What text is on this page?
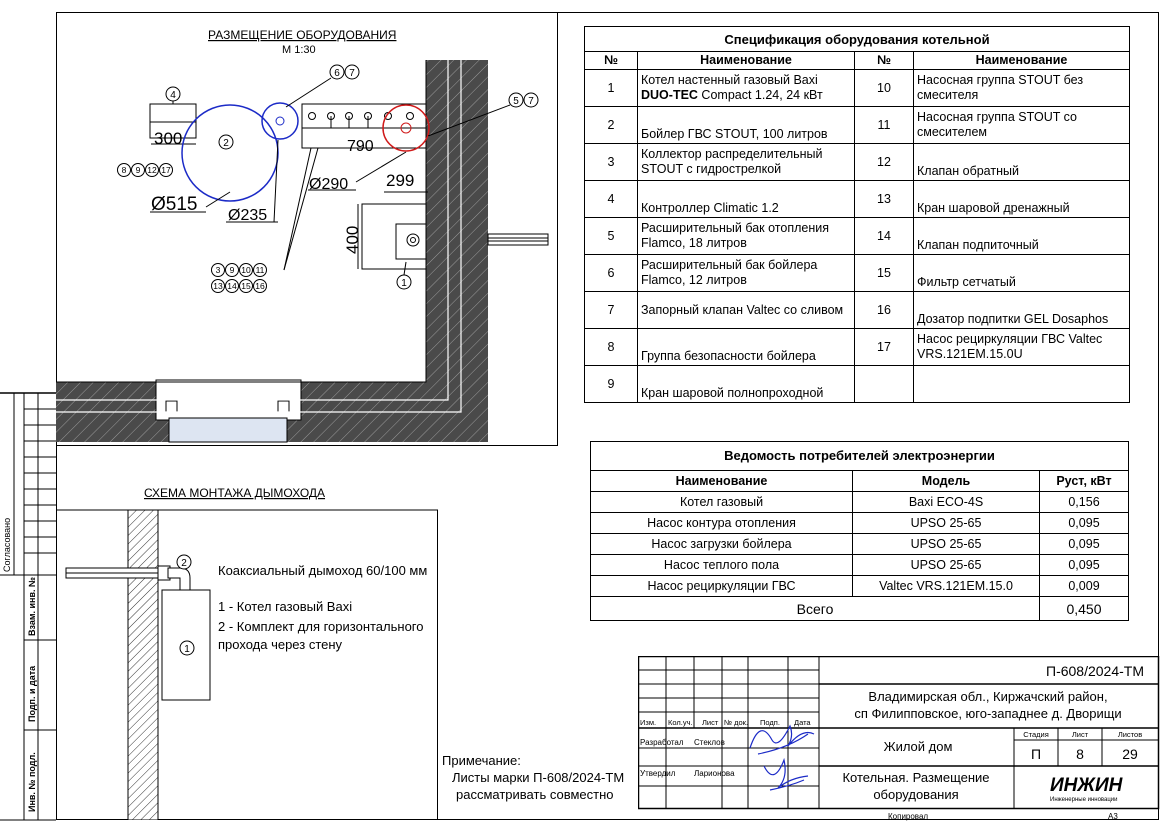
Согласовано
Взам. инв. №
Подп. и дата
Инв. № подл.
РАЗМЕЩЕНИЕ ОБОРУДОВАНИЯ
М 1:30
4
300	2
Ø515
Ø235
6 7
790
5 7
Ø290 299
400
1
8 9 12 17
3 9 10 11
13 14 15 16
СХЕМА МОНТАЖА ДЫМОХОДА
1
2 Коаксиальный дымоход 60/100 мм
1 - Котел газовый Baxi
2 - Комплект для горизонтального
прохода через стену
Спецификация оборудования котельной			
№	Наименование	№	Наименование
1	Котел настенный газовый Baxi DUO-TEC Compact 1.24, 24 кВт	10	Насосная группа STOUT без смесителя
2	Бойлер ГВС STOUT, 100 литров	11	Насосная группа STOUT со смесителем
3	Коллектор распределительный STOUT с гидрострелкой	12	Клапан обратный
4	Контроллер Climatic 1.2	13	Кран шаровой дренажный
5	Расширительный бак отопления Flamco, 18 литров	14	Клапан подпиточный
6	Расширительный бак бойлера Flamco, 12 литров	15	Фильтр сетчатый
7	Запорный клапан Valtec со сливом	16	Дозатор подпитки GEL Dosaphos
8	Группа безопасности бойлера	17	Насос рециркуляции ГВС Valtec VRS.121EM.15.0U
9	Кран шаровой полнопроходной		
Ведомость потребителей электроэнергии		
Наименование	Модель	Руст, кВт
Котел газовый	Baxi ECO-4S	0,156
Насос контура отопления	UPSO 25-65	0,095
Насос загрузки бойлера	UPSO 25-65	0,095
Насос теплого пола	UPSO 25-65	0,095
Насос рециркуляции ГВС	Valtec VRS.121EM.15.0	0,009
Всего		0,450
Примечание:
Листы марки П-608/2024-ТМ
рассматривать совместно
П-608/2024-ТМ
Владимирская обл., Киржачский район,
сп Филипповское, юго-западнее д. Дворищи
Жилой дом
Котельная. Размещение
оборудования
Изм. Кол.уч. Лист № док. Подп. Дата
Разработал Стеклов
Утвердил Ларионова
Стадия	Лист	Листов
П	8	29
ИНЖИН
Инженерные инновации
Копировал	А3
